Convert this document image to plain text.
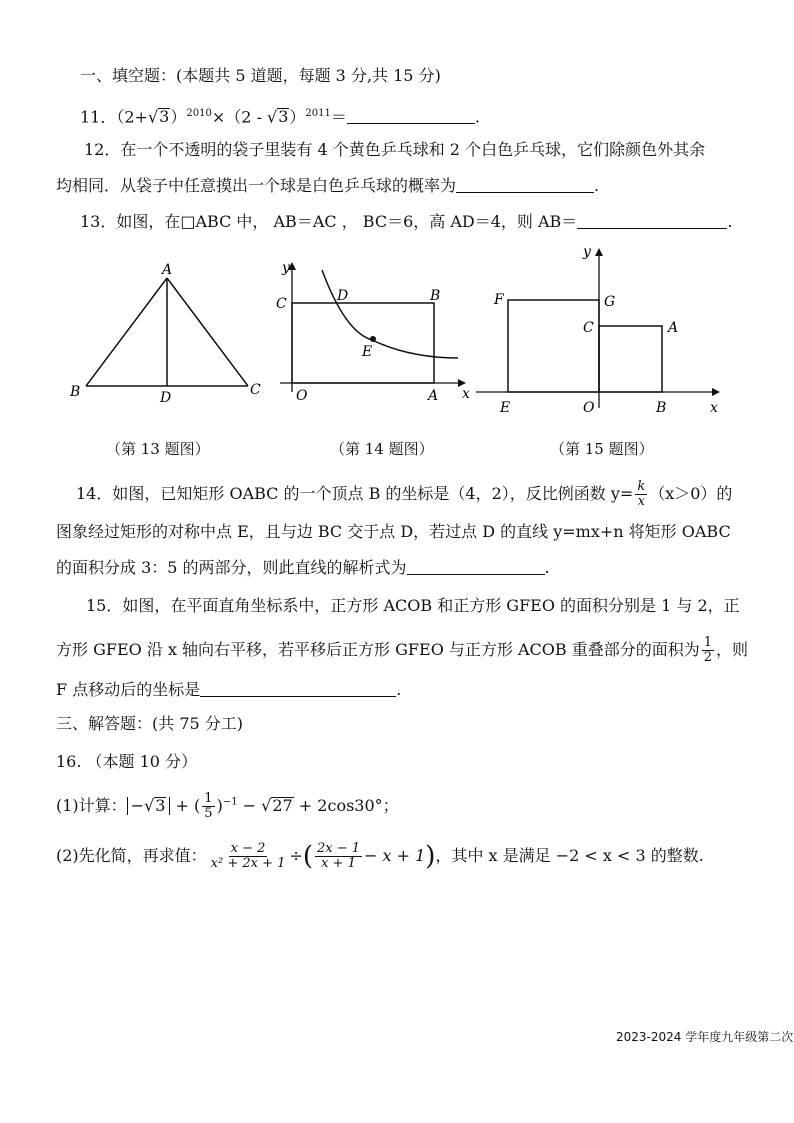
一、填空题：(本题共 5 道题，每题 3 分,共 15 分)
11．$(2+√3)^{2010}\times(2 - √3)^{2011}=$	.
12．在一个不透明的袋子里装有 4 个黄色乒乓球和 2 个白色乒乓球，它们除颜色外其余
均相同．从袋子中任意摸出一个球是白色乒乓球的概率为	.
13．如图，在□ABC 中， AB＝AC ， BC＝6，高 AD＝4，则 AB＝	.
A
B	C
D
y
C	D	B
E
O	A x
y
F	G
C	A
E	O	B	x
（第 13 题图）	（第 14 题图）	（第 15 题图）
14．如图，已知矩形 OABC 的一个顶点 B 的坐标是（4，2），反比例函数 $y= \frac{k}{x} (x>0)$的
图象经过矩形的对称中点 E，且与边 BC 交于点 D，若过点 D 的直线 y=mx+n 将矩形 OABC
的面积分成 3：5 的两部分，则此直线的解析式为	.
15．如图，在平面直角坐标系中，正方形 ACOB 和正方形 GFEO 的面积分别是 1 与 2，正
方形 GFEO 沿 x 轴向右平移，若平移后正方形 GFEO 与正方形 ACOB 重叠部分的面积为 $\frac{1}{2}$ ，则
F 点移动后的坐标是	.
三、解答题：(共 75 分工)
16. （本题 10 分）
(1)计算： −√3 + ( $\frac{1}{5} )^{-1} - √27 + 2\cos 30^\circ$；
(2)先化简，再求值： $\frac{x - 2}{\text{x² + 2x + 1}}$ ÷( $\frac{2x - 1}{x + 1} - x + 1$)，其中 x 是满足 −2 < x < 3 的整数.
2023-2024 学年度九年级第二次
